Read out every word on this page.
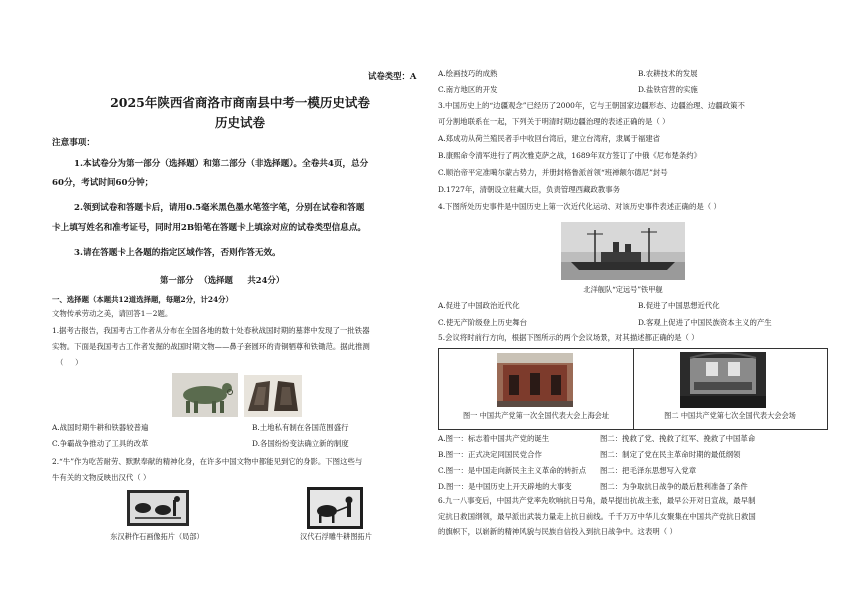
试卷类型：A
2025年陕西省商洛市商南县中考一模历史试卷
历史试卷
注意事项：
1.本试卷分为第一部分（选择题）和第二部分（非选择题）。全卷共4页，总分
60分，考试时间60分钟；
2.领到试卷和答题卡后，请用0.5毫米黑色墨水笔签字笔，分别在试卷和答题
卡上填写姓名和准考证号，同时用2B铅笔在答题卡上填涂对应的试卷类型信息点。
3.请在答题卡上各题的指定区域作答，否则作答无效。
第一部分  （选择题     共24分）
一、选择题（本题共12道选择题，每题2分，计24分）
文物传承劳动之美，请回答1－2题。
1.据考古报告，我国考古工作者从分布在全国各地的数十处春秋战国时期的墓葬中发现了一批铁器
实物。下面是我国考古工作者发掘的战国时期文物——鼻子套圆环的青铜牺尊和铁锄范。据此推测
（     ）
A.战国时期牛耕和铁器较普遍	B.土地私有制在各国范围盛行
C.争霸战争推动了工具的改革	D.各国纷纷变法确立新的制度
2.“牛”作为吃苦耐劳、默默奉献的精神化身，在许多中国文物中都能见到它的身影。下图这些与
牛有关的文物反映出汉代（ ）
东汉耕作石画像拓片（局部）	汉代石浮雕牛耕图拓片
A.绘画技巧的成熟	B.农耕技术的发展
C.南方地区的开发	D.盐铁官营的实施
3.中国历史上的“边疆观念”已经历了2000年，它与王朝国家边疆形态、边疆治理、边疆政策不
可分割地联系在一起，下列关于明清时期边疆治理的表述正确的是（ ）
A.郑成功从荷兰殖民者手中收回台湾后，建立台湾府，隶属于福建省
B.康熙命令清军进行了两次雅克萨之战，1689年双方签订了中俄《尼布楚条约》
C.顺治帝平定准噶尔蒙古势力，并册封格鲁派首领“班禅额尔德尼”封号
D.1727年，清朝设立驻藏大臣，负责管理西藏政教事务
4.下图所处历史事件是中国历史上第一次近代化运动、对该历史事件表述正确的是（ ）
北洋舰队“定远号”铁甲舰
A.促进了中国政治近代化	B.促进了中国思想近代化
C.使无产阶级登上历史舞台	D.客观上促进了中国民族资本主义的产生
5.会议将时前行方向，根据下图所示的两个会议场景，对其描述都正确的是（ ）
图一 中国共产党第一次全国代表大会上海会址	图二 中国共产党第七次全国代表大会会场
A.图一：标志着中国共产党的诞生	图二：挽救了党、挽救了红军、挽救了中国革命
B.图一：正式决定同国民党合作	图二：制定了党在民主革命时期的最低纲领
C.图一：是中国走向新民主主义革命的转折点 图二：把毛泽东思想写入党章
D.图一：是中国历史上开天辟地的大事变	图二：为争取抗日战争的最后胜利准备了条件
6.九一八事变后，中国共产党率先吹响抗日号角，最早提出抗战主张，最早公开对日宣战，最早制
定抗日救国纲领，最早派出武装力量走上抗日前线。千千万万中华儿女聚集在中国共产党抗日救国
的旗帜下，以崭新的精神风貌与民族自信投入到抗日战争中。这表明（ ）
